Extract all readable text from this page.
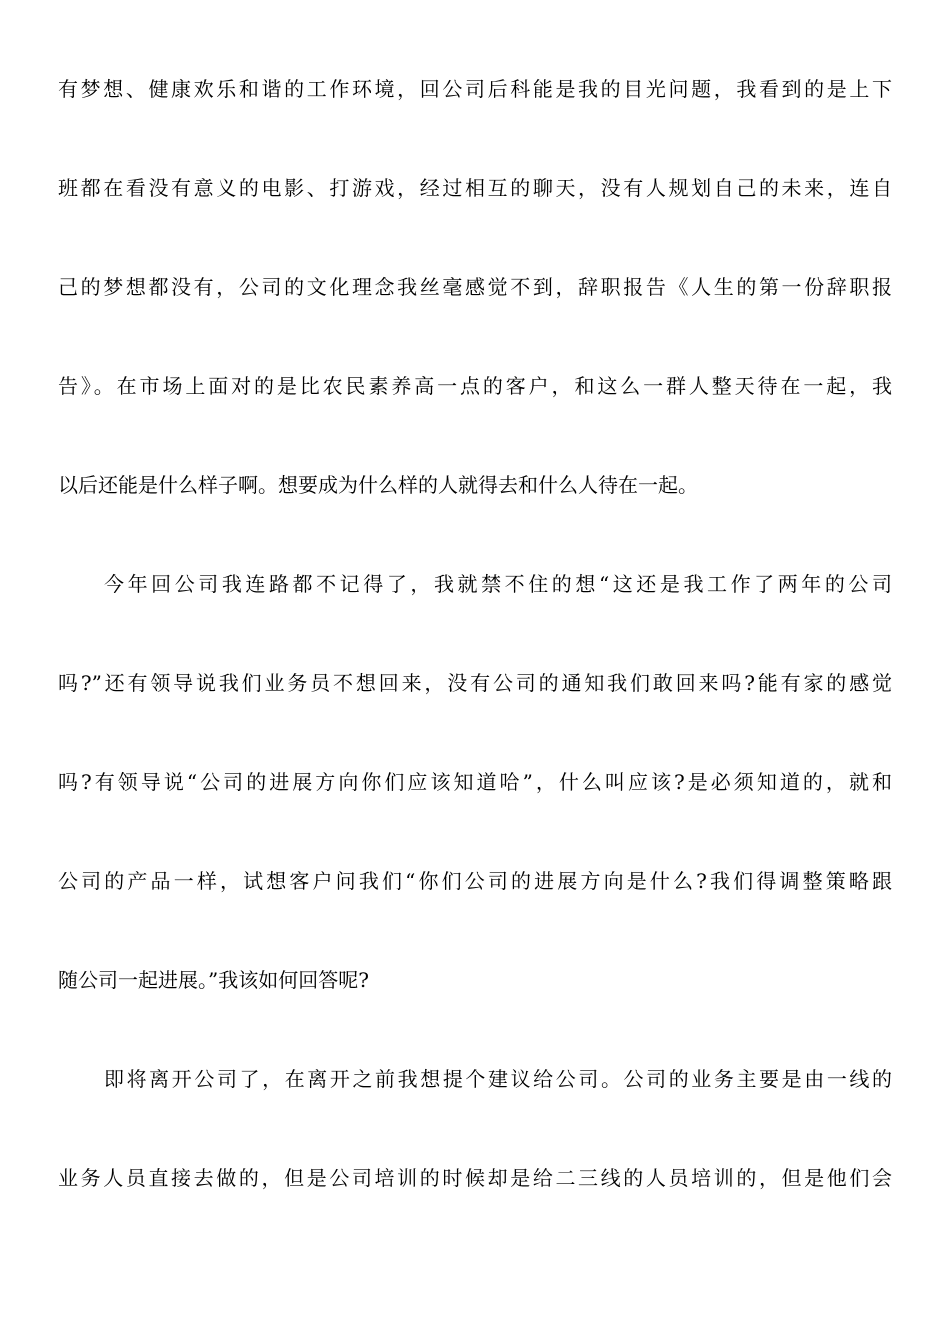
有梦想、健康欢乐和谐的工作环境，回公司后科能是我的目光问题，我看到的是上下
班都在看没有意义的电影、打游戏，经过相互的聊天，没有人规划自己的未来，连自
己的梦想都没有，公司的文化理念我丝毫感觉不到，辞职报告《人生的第一份辞职报
告》。在市场上面对的是比农民素养高一点的客户，和这么一群人整天待在一起，我
以后还能是什么样子啊。想要成为什么样的人就得去和什么人待在一起。
今年回公司我连路都不记得了，我就禁不住的想“这还是我工作了两年的公司
吗?”还有领导说我们业务员不想回来，没有公司的通知我们敢回来吗?能有家的感觉
吗?有领导说“公司的进展方向你们应该知道哈”，什么叫应该?是必须知道的，就和
公司的产品一样，试想客户问我们“你们公司的进展方向是什么?我们得调整策略跟
随公司一起进展。”我该如何回答呢?
即将离开公司了，在离开之前我想提个建议给公司。公司的业务主要是由一线的
业务人员直接去做的，但是公司培训的时候却是给二三线的人员培训的，但是他们会
